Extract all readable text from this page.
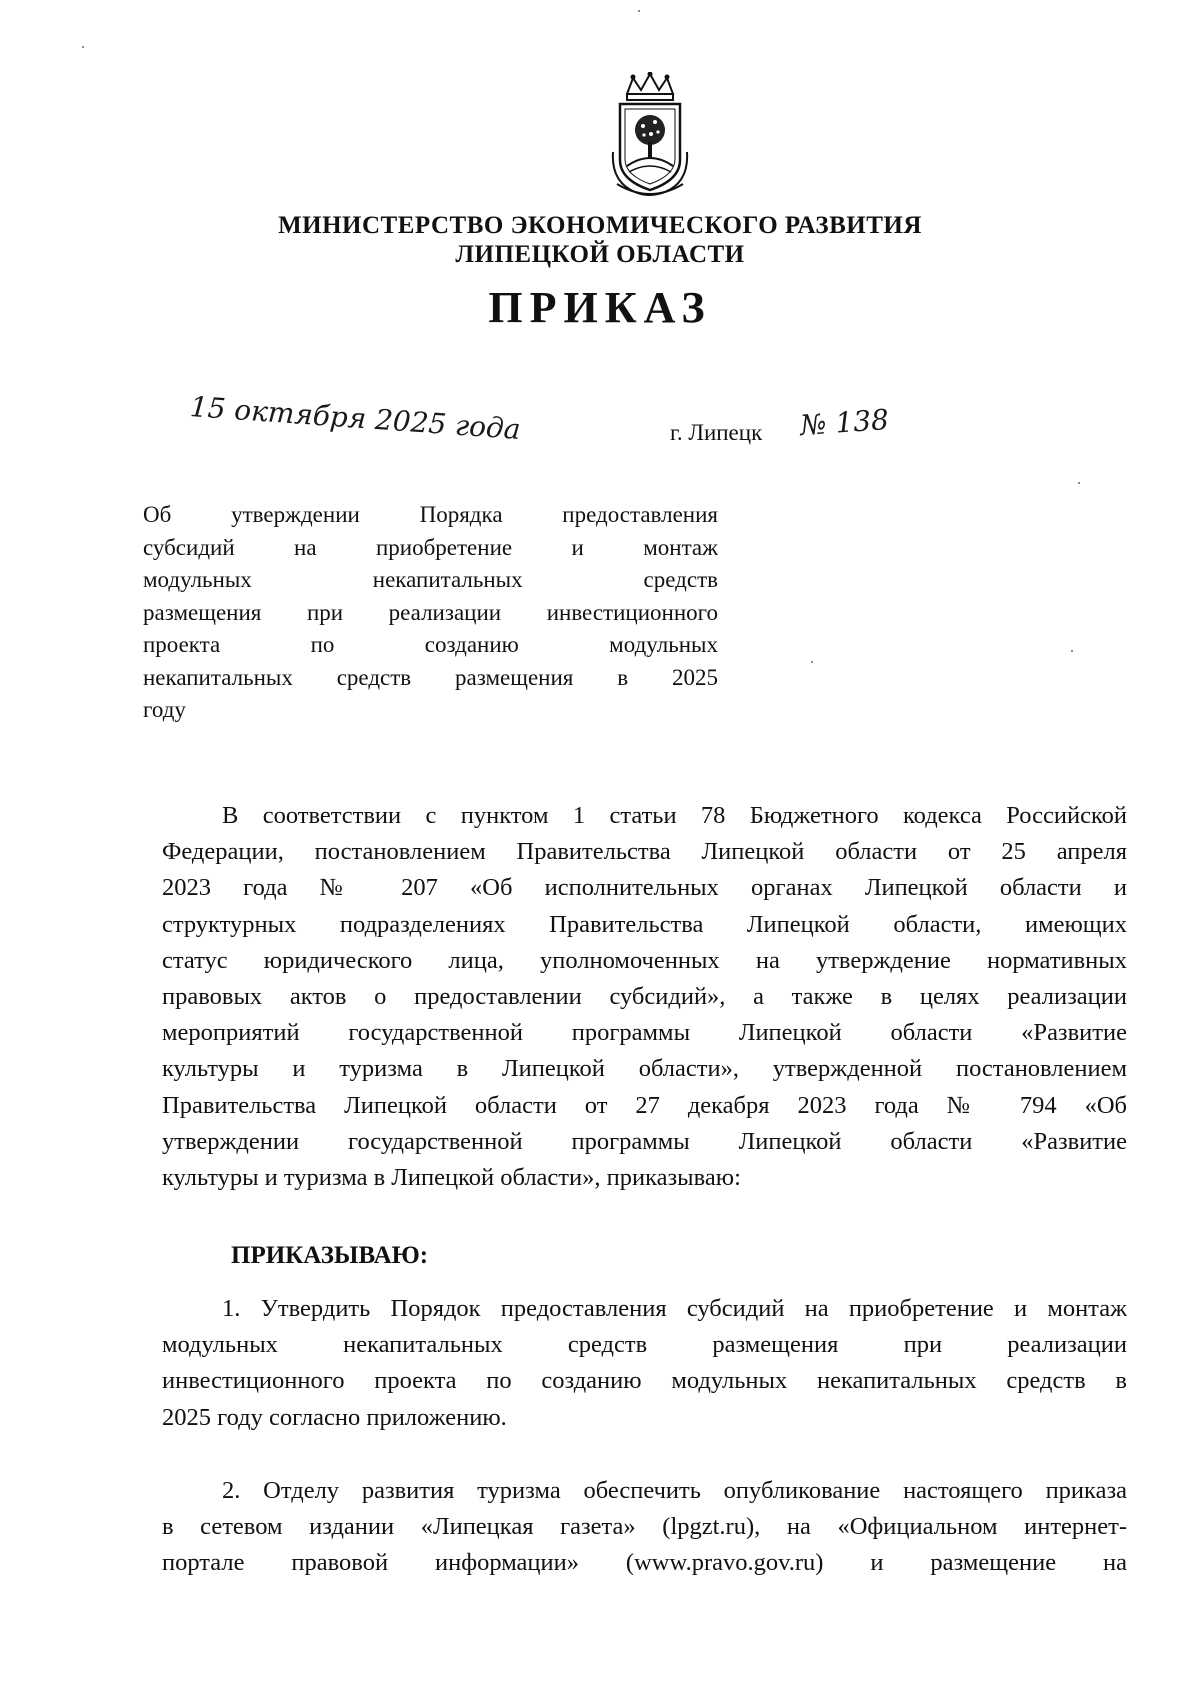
МИНИСТЕРСТВО ЭКОНОМИЧЕСКОГО РАЗВИТИЯ
ЛИПЕЦКОЙ ОБЛАСТИ
ПРИКАЗ
15 октября 2025 года	г. Липецк № 138
Об утверждении Порядка предоставления
субсидий на приобретение и монтаж
модульных некапитальных средств
размещения при реализации инвестиционного
проекта по созданию модульных
некапитальных средств размещения в 2025
году
В соответствии с пунктом 1 статьи 78 Бюджетного кодекса Российской
Федерации, постановлением Правительства Липецкой области от 25 апреля
2023 года № 207 «Об исполнительных органах Липецкой области и
структурных подразделениях Правительства Липецкой области, имеющих
статус юридического лица, уполномоченных на утверждение нормативных
правовых актов о предоставлении субсидий», а также в целях реализации
мероприятий государственной программы Липецкой области «Развитие
культуры и туризма в Липецкой области», утвержденной постановлением
Правительства Липецкой области от 27 декабря 2023 года № 794 «Об
утверждении государственной программы Липецкой области «Развитие
культуры и туризма в Липецкой области», приказываю:
ПРИКАЗЫВАЮ:
1. Утвердить Порядок предоставления субсидий на приобретение и монтаж
модульных некапитальных средств размещения при реализации
инвестиционного проекта по созданию модульных некапитальных средств в
2025 году согласно приложению.
2. Отделу развития туризма обеспечить опубликование настоящего приказа
в сетевом издании «Липецкая газета» (lpgzt.ru), на «Официальном интернет-
портале правовой информации» (www.pravo.gov.ru) и размещение на
